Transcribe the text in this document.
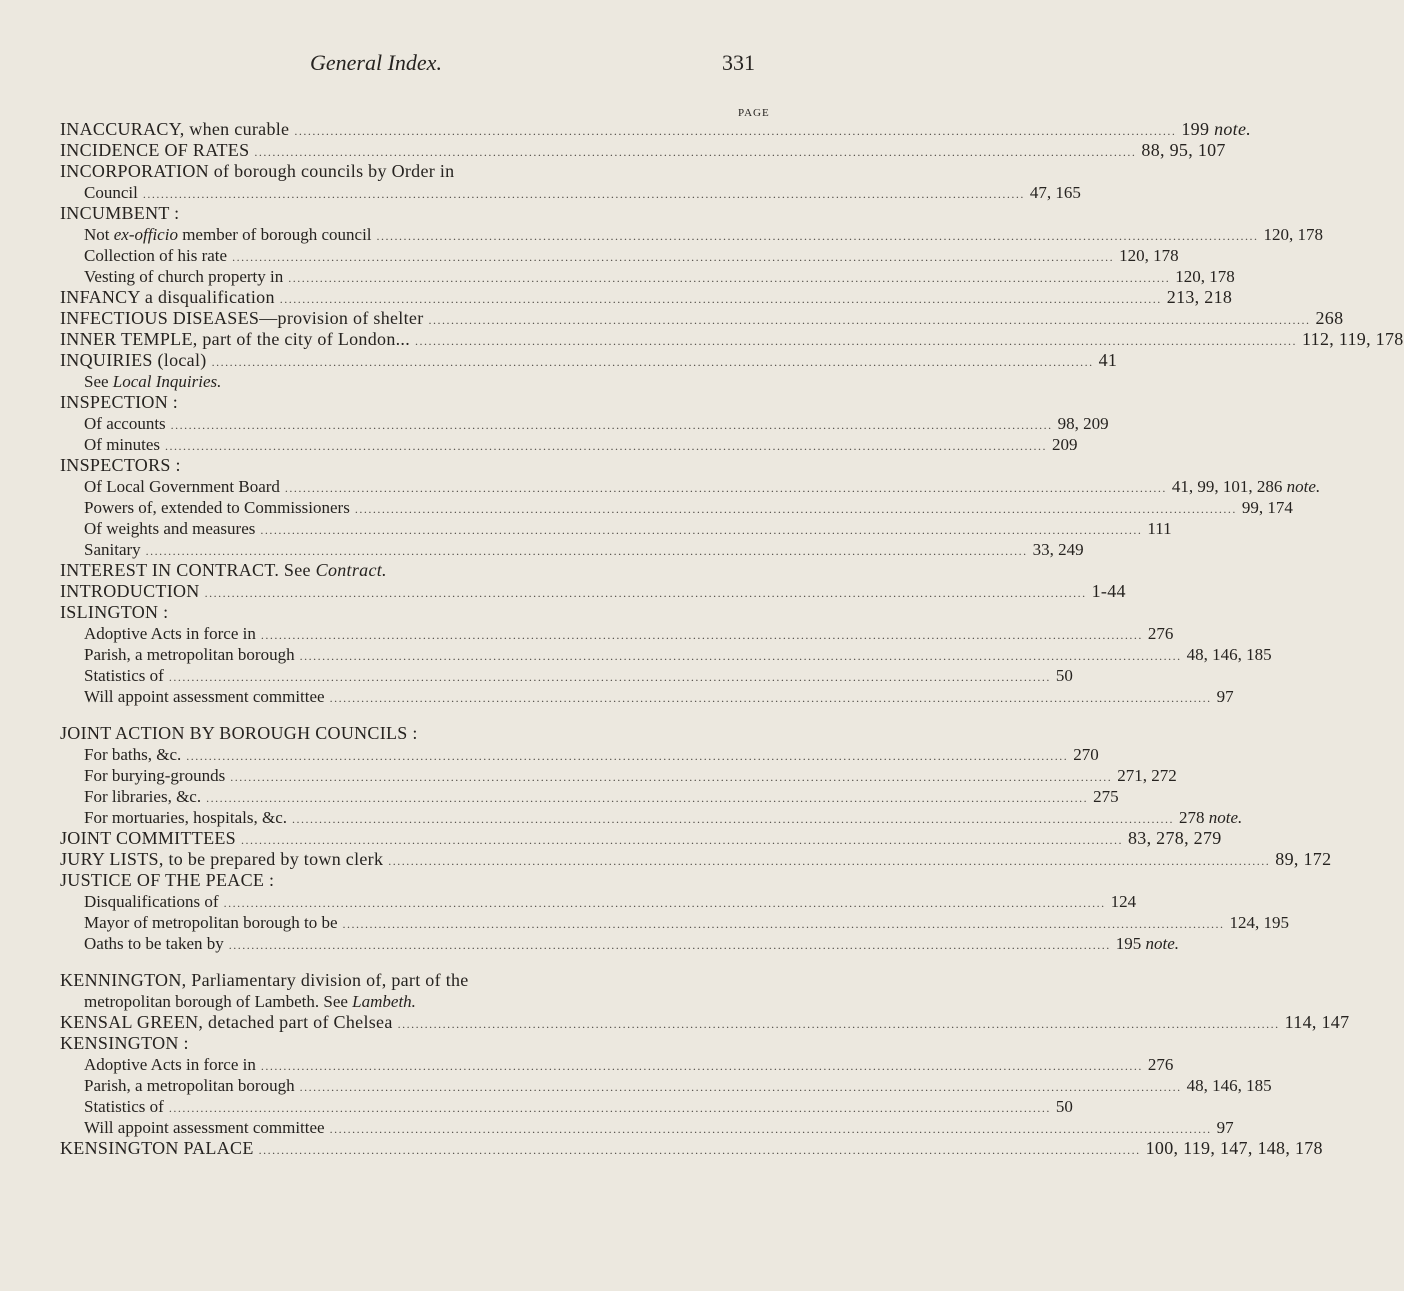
General Index.	331
PAGE
INACCURACY, when curable .....	199 note.
INCIDENCE OF RATES .....	88, 95, 107
INCORPORATION of borough councils by Order in
Council .....	47, 165
INCUMBENT :
Not ex-officio member of borough council .....	120, 178
Collection of his rate .....	120, 178
Vesting of church property in .....	120, 178
INFANCY a disqualification .....	213, 218
INFECTIOUS DISEASES—provision of shelter .....	268
INNER TEMPLE, part of the city of London... .....	112, 119, 178
INQUIRIES (local) .....	41
See Local Inquiries.
INSPECTION :
Of accounts .....	98, 209
Of minutes .....	209
INSPECTORS :
Of Local Government Board .....	41, 99, 101, 286 note.
Powers of, extended to Commissioners .....	99, 174
Of weights and measures .....	111
Sanitary .....	33, 249
INTEREST IN CONTRACT. See Contract.
INTRODUCTION .....	1-44
ISLINGTON :
Adoptive Acts in force in .....	276
Parish, a metropolitan borough .....	48, 146, 185
Statistics of .....	50
Will appoint assessment committee .....	97
JOINT ACTION BY BOROUGH COUNCILS :
For baths, &c. .....	270
For burying-grounds .....	271, 272
For libraries, &c. .....	275
For mortuaries, hospitals, &c. .....	278 note.
JOINT COMMITTEES .....	83, 278, 279
JURY LISTS, to be prepared by town clerk .....	89, 172
JUSTICE OF THE PEACE :
Disqualifications of .....	124
Mayor of metropolitan borough to be .....	124, 195
Oaths to be taken by .....	195 note.
KENNINGTON, Parliamentary division of, part of the
metropolitan borough of Lambeth. See Lambeth.
KENSAL GREEN, detached part of Chelsea .....	114, 147
KENSINGTON :
Adoptive Acts in force in .....	276
Parish, a metropolitan borough .....	48, 146, 185
Statistics of .....	50
Will appoint assessment committee .....	97
KENSINGTON PALACE .....	100, 119, 147, 148, 178
